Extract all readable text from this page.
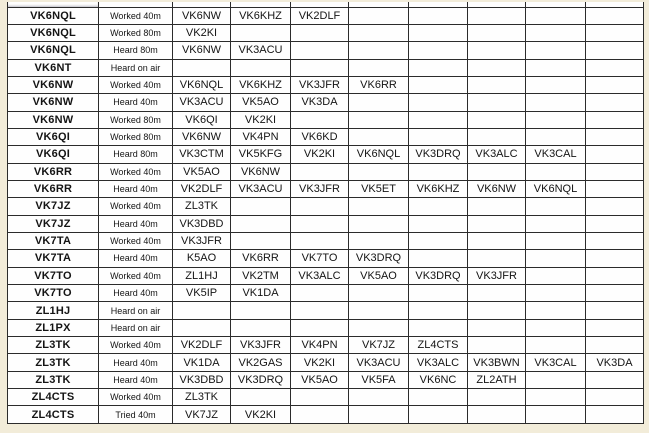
VK6NQL	Worked 40m	VK6NW	VK6KHZ	VK2DLF					
VK6NQL	Worked 80m	VK2KI							
VK6NQL	Heard 80m	VK6NW	VK3ACU						
VK6NT	Heard on air								
VK6NW	Worked 40m	VK6NQL	VK6KHZ	VK3JFR	VK6RR				
VK6NW	Heard 40m	VK3ACU	VK5AO	VK3DA					
VK6NW	Worked 80m	VK6QI	VK2KI						
VK6QI	Worked 80m	VK6NW	VK4PN	VK6KD					
VK6QI	Heard 80m	VK3CTM	VK5KFG	VK2KI	VK6NQL	VK3DRQ	VK3ALC	VK3CAL	
VK6RR	Worked 40m	VK5AO	VK6NW						
VK6RR	Heard 40m	VK2DLF	VK3ACU	VK3JFR	VK5ET	VK6KHZ	VK6NW	VK6NQL	
VK7JZ	Worked 40m	ZL3TK							
VK7JZ	Heard 40m	VK3DBD							
VK7TA	Worked 40m	VK3JFR							
VK7TA	Heard 40m	K5AO	VK6RR	VK7TO	VK3DRQ				
VK7TO	Worked 40m	ZL1HJ	VK2TM	VK3ALC	VK5AO	VK3DRQ	VK3JFR		
VK7TO	Heard 40m	VK5IP	VK1DA						
ZL1HJ	Heard on air								
ZL1PX	Heard on air								
ZL3TK	Worked 40m	VK2DLF	VK3JFR	VK4PN	VK7JZ	ZL4CTS			
ZL3TK	Heard 40m	VK1DA	VK2GAS	VK2KI	VK3ACU	VK3ALC	VK3BWN	VK3CAL	VK3DA
ZL3TK	Heard 40m	VK3DBD	VK3DRQ	VK5AO	VK5FA	VK6NC	ZL2ATH		
ZL4CTS	Worked 40m	ZL3TK							
ZL4CTS	Tried 40m	VK7JZ	VK2KI						
